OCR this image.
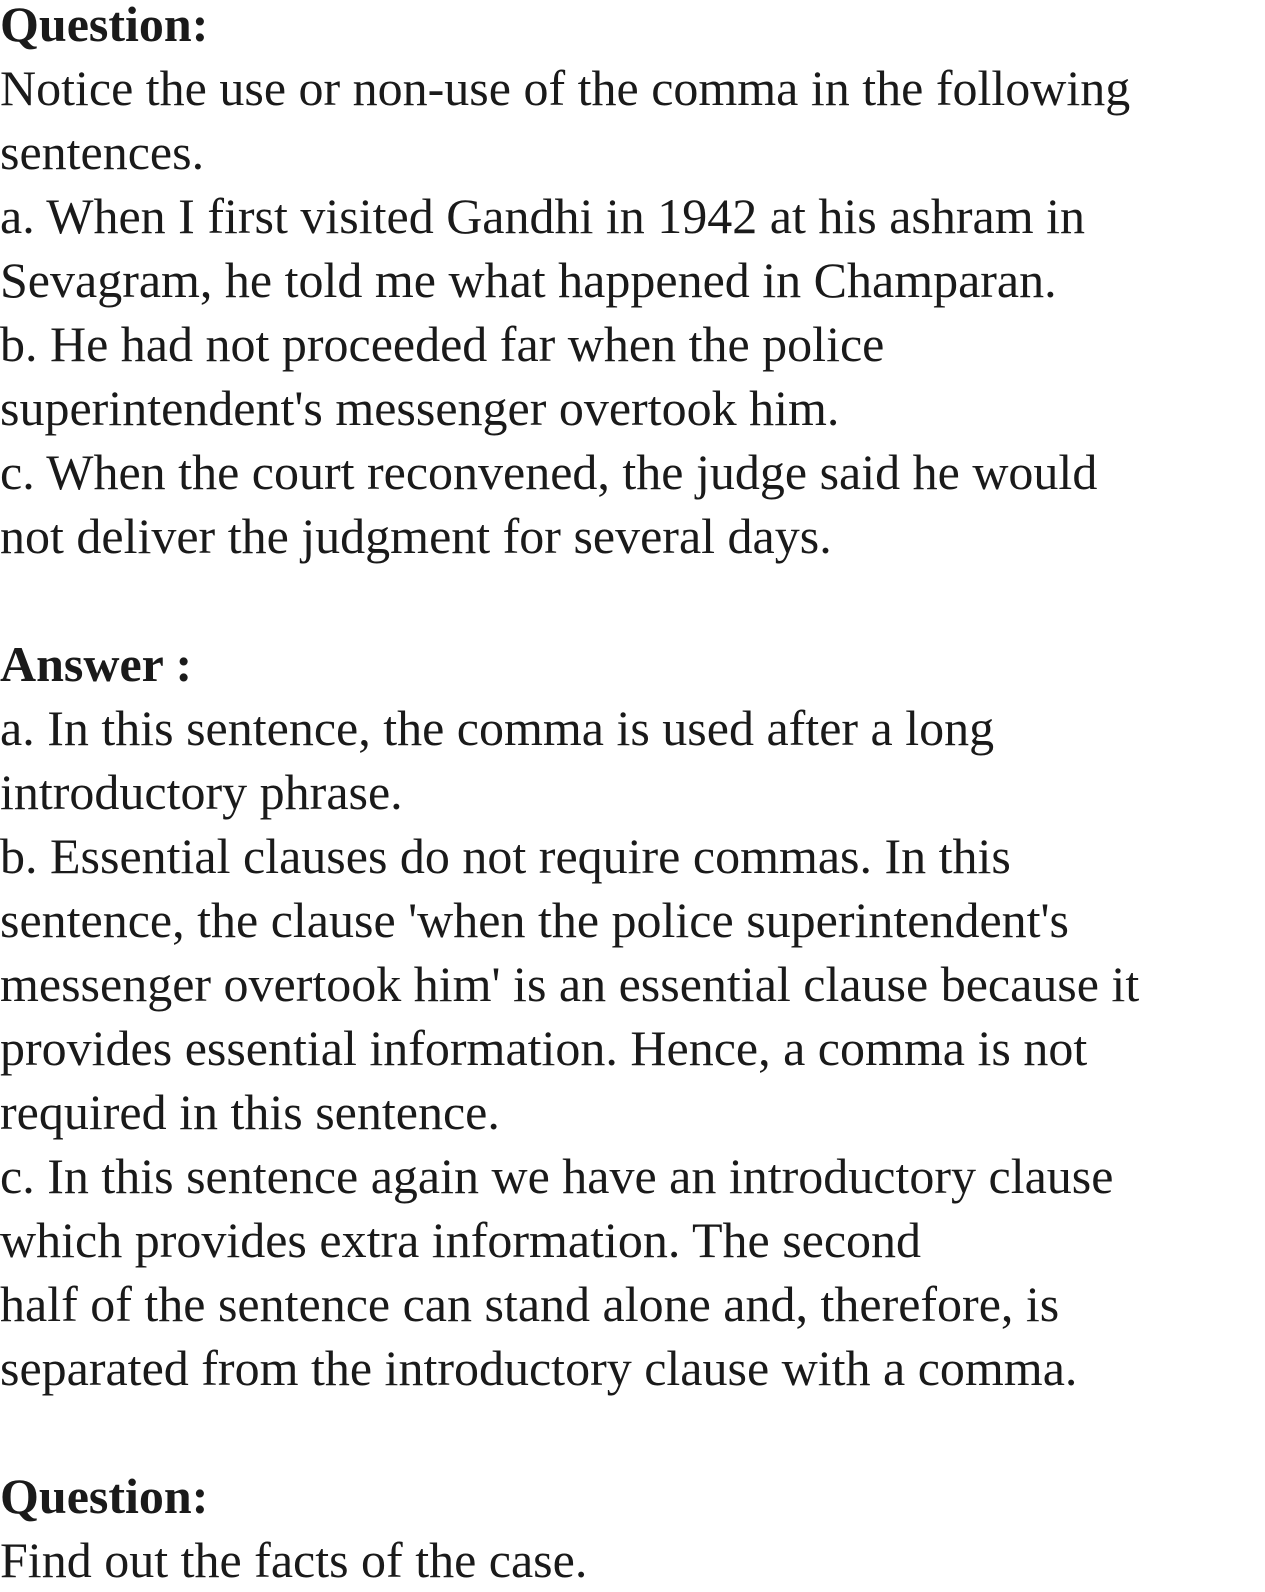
Question:
Notice the use or non-use of the comma in the following
sentences.
a. When I first visited Gandhi in 1942 at his ashram in
Sevagram, he told me what happened in Champaran.
b. He had not proceeded far when the police
superintendent's messenger overtook him.
c. When the court reconvened, the judge said he would
not deliver the judgment for several days.
Answer :
a. In this sentence, the comma is used after a long
introductory phrase.
b. Essential clauses do not require commas. In this
sentence, the clause 'when the police superintendent's
messenger overtook him' is an essential clause because it
provides essential information. Hence, a comma is not
required in this sentence.
c. In this sentence again we have an introductory clause
which provides extra information. The second
half of the sentence can stand alone and, therefore, is
separated from the introductory clause with a comma.
Question:
Find out the facts of the case.
